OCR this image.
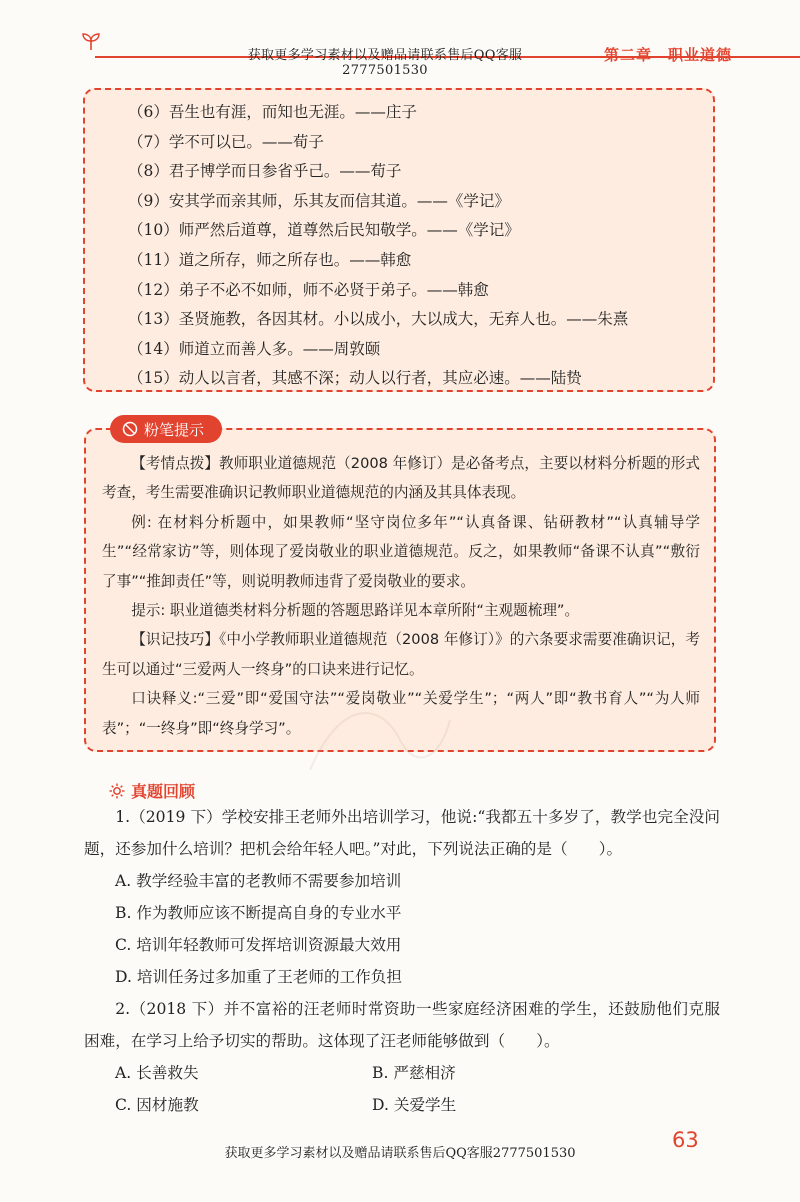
获取更多学习素材以及赠品请联系售后QQ客服2777501530
第二章　职业道德
（6）吾生也有涯，而知也无涯。——庄子
（7）学不可以已。——荀子
（8）君子博学而日参省乎己。——荀子
（9）安其学而亲其师，乐其友而信其道。——《学记》
（10）师严然后道尊，道尊然后民知敬学。——《学记》
（11）道之所存，师之所存也。——韩愈
（12）弟子不必不如师，师不必贤于弟子。——韩愈
（13）圣贤施教，各因其材。小以成小，大以成大，无弃人也。——朱熹
（14）师道立而善人多。——周敦颐
（15）动人以言者，其感不深；动人以行者，其应必速。——陆贽
粉笔提示

【考情点拨】教师职业道德规范（2008 年修订）是必备考点，主要以材料分析题的形式考查，考生需要准确识记教师职业道德规范的内涵及其具体表现。

例: 在材料分析题中，如果教师“坚守岗位多年”“认真备课、钻研教材”“认真辅导学生”“经常家访”等，则体现了爱岗敬业的职业道德规范。反之，如果教师“备课不认真”“敷衍了事”“推卸责任”等，则说明教师违背了爱岗敬业的要求。

提示: 职业道德类材料分析题的答题思路详见本章所附“主观题梳理”。

【识记技巧】《中小学教师职业道德规范（2008 年修订）》的六条要求需要准确识记，考生可以通过“三爱两人一终身”的口诀来进行记忆。

口诀释义:“三爱”即“爱国守法”“爱岗敬业”“关爱学生”；“两人”即“教书育人”“为人师表”；“一终身”即“终身学习”。

真题回顾

1.（2019 下）学校安排王老师外出培训学习，他说:“我都五十多岁了，教学也完全没问题，还参加什么培训？把机会给年轻人吧。”对此，下列说法正确的是（　　）。

A. 教学经验丰富的老教师不需要参加培训

B. 作为教师应该不断提高自身的专业水平

C. 培训年轻教师可发挥培训资源最大效用

D. 培训任务过多加重了王老师的工作负担

2.（2018 下）并不富裕的汪老师时常资助一些家庭经济困难的学生，还鼓励他们克服困难，在学习上给予切实的帮助。这体现了汪老师能够做到（　　）。

A. 长善救失	B. 严慈相济
C. 因材施教	D. 关爱学生
63
获取更多学习素材以及赠品请联系售后QQ客服2777501530
